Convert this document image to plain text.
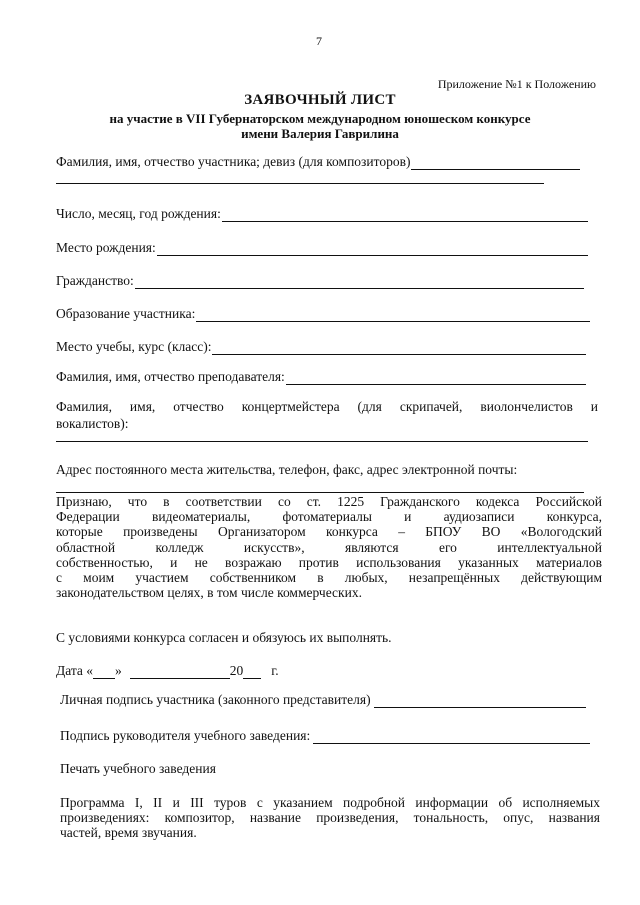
7
Приложение №1 к Положению
ЗАЯВОЧНЫЙ ЛИСТ
на участие в VII Губернаторском международном юношеском конкурсе
имени Валерия Гаврилина
Фамилия, имя, отчество участника; девиз (для композиторов)
Число, месяц, год рождения:
Место рождения:
Гражданство:
Образование участника:
Место учебы, курс (класс):
Фамилия, имя, отчество преподавателя:
Фамилия, имя, отчество концертмейстера (для скрипачей, виолончелистов и
вокалистов):
Адрес постоянного места жительства, телефон, факс, адрес электронной почты:
Признаю, что в соответствии со ст. 1225 Гражданского кодекса Российской
Федерации видеоматериалы, фотоматериалы и аудиозаписи конкурса,
которые произведены Организатором конкурса – БПОУ ВО «Вологодский
областной колледж искусств», являются его интеллектуальной
собственностью, и не возражаю против использования указанных материалов
с моим участием собственником в любых, незапрещённых действующим
законодательством целях, в том числе коммерческих.
С условиями конкурса согласен и обязуюсь их выполнять.
Дата « »	20 г.
Личная подпись участника (законного представителя)
Подпись руководителя учебного заведения:
Печать учебного заведения
Программа I, II и III туров с указанием подробной информации об исполняемых
произведениях: композитор, название произведения, тональность, опус, названия
частей, время звучания.
